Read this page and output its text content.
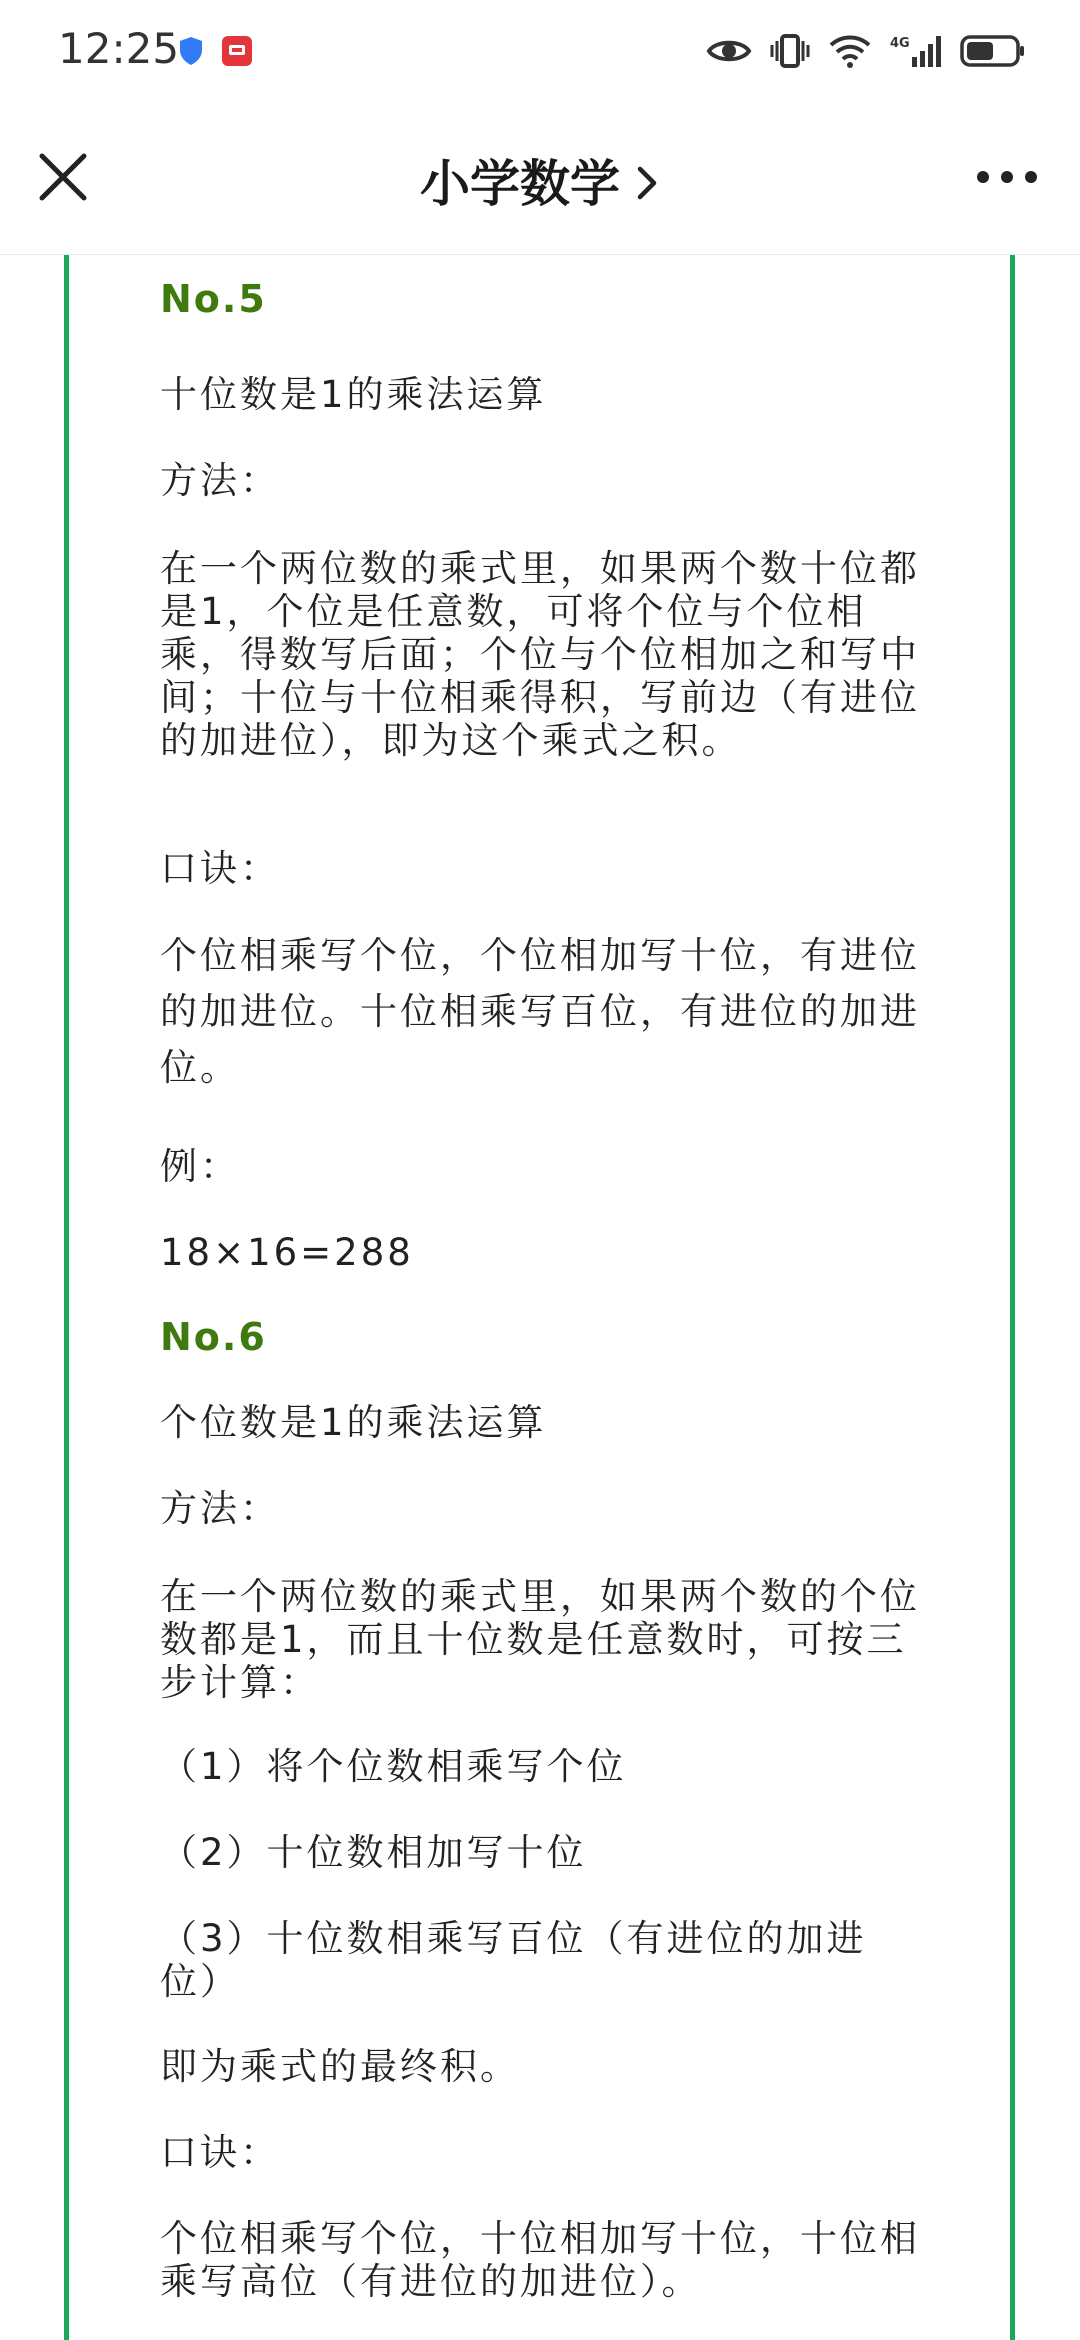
12:25	4G
小学数学
No.5
十位数是1的乘法运算
方法：
在一个两位数的乘式里，如果两个数十位都是1，个位是任意数，可将个位与个位相乘，得数写后面；个位与个位相加之和写中间；十位与十位相乘得积，写前边（有进位的加进位），即为这个乘式之积。
口诀：
个位相乘写个位，个位相加写十位，有进位的加进位。十位相乘写百位，有进位的加进位。
例：
18×16=288
No.6
个位数是1的乘法运算
方法：
在一个两位数的乘式里，如果两个数的个位数都是1，而且十位数是任意数时，可按三步计算：
（1）将个位数相乘写个位
（2）十位数相加写十位
（3）十位数相乘写百位（有进位的加进位）
即为乘式的最终积。
口诀：
个位相乘写个位，十位相加写十位，十位相乘写高位（有进位的加进位）。
